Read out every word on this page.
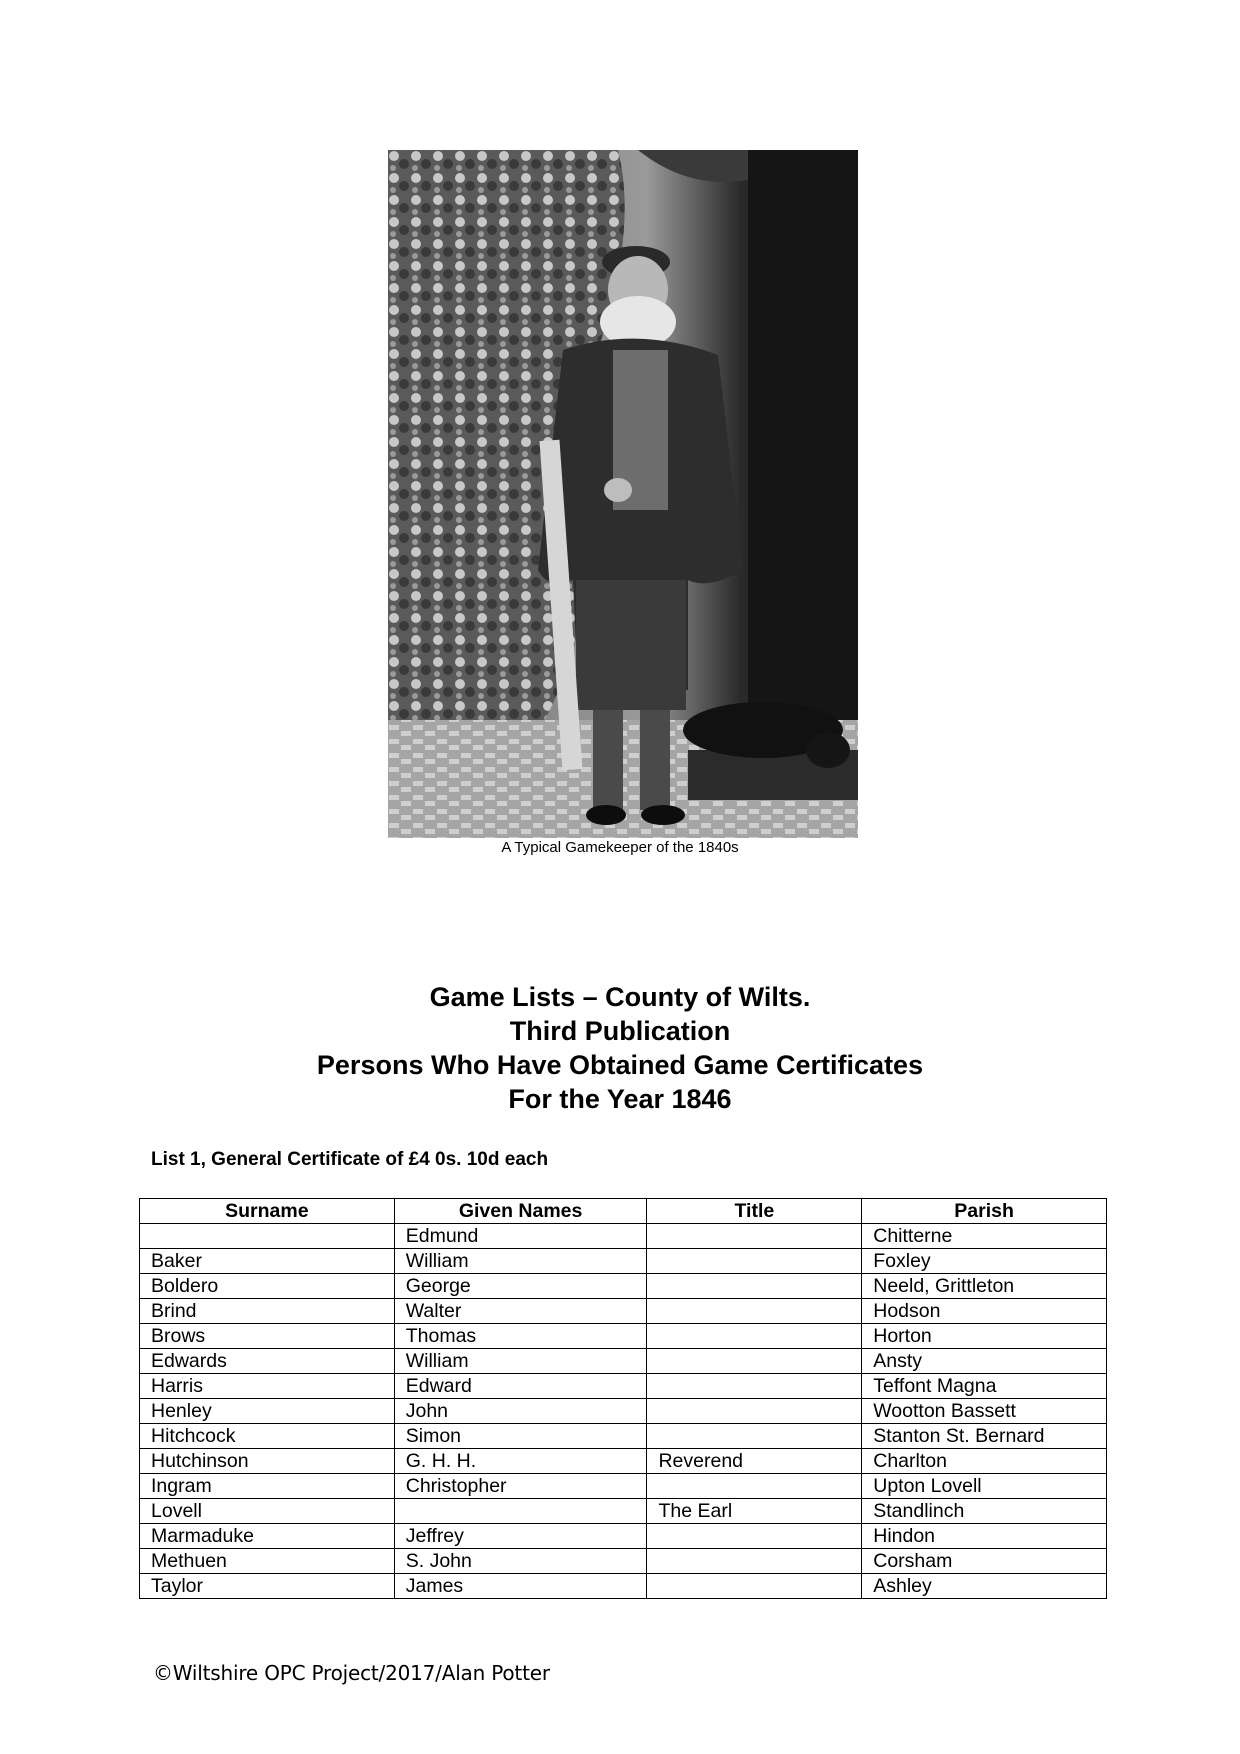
A Typical Gamekeeper of the 1840s
Game Lists – County of Wilts.
Third Publication
Persons Who Have Obtained Game Certificates
For the Year 1846
List 1, General Certificate of £4 0s. 10d each
Surname	Given Names	Title	Parish
	Edmund		Chitterne
Baker	William		Foxley
Boldero	George		Neeld, Grittleton
Brind	Walter		Hodson
Brows	Thomas		Horton
Edwards	William		Ansty
Harris	Edward		Teffont Magna
Henley	John		Wootton Bassett
Hitchcock	Simon		Stanton St. Bernard
Hutchinson	G. H. H.	Reverend	Charlton
Ingram	Christopher		Upton Lovell
Lovell		The Earl	Standlinch
Marmaduke	Jeffrey		Hindon
Methuen	S. John		Corsham
Taylor	James		Ashley
©Wiltshire OPC Project/2017/Alan Potter
